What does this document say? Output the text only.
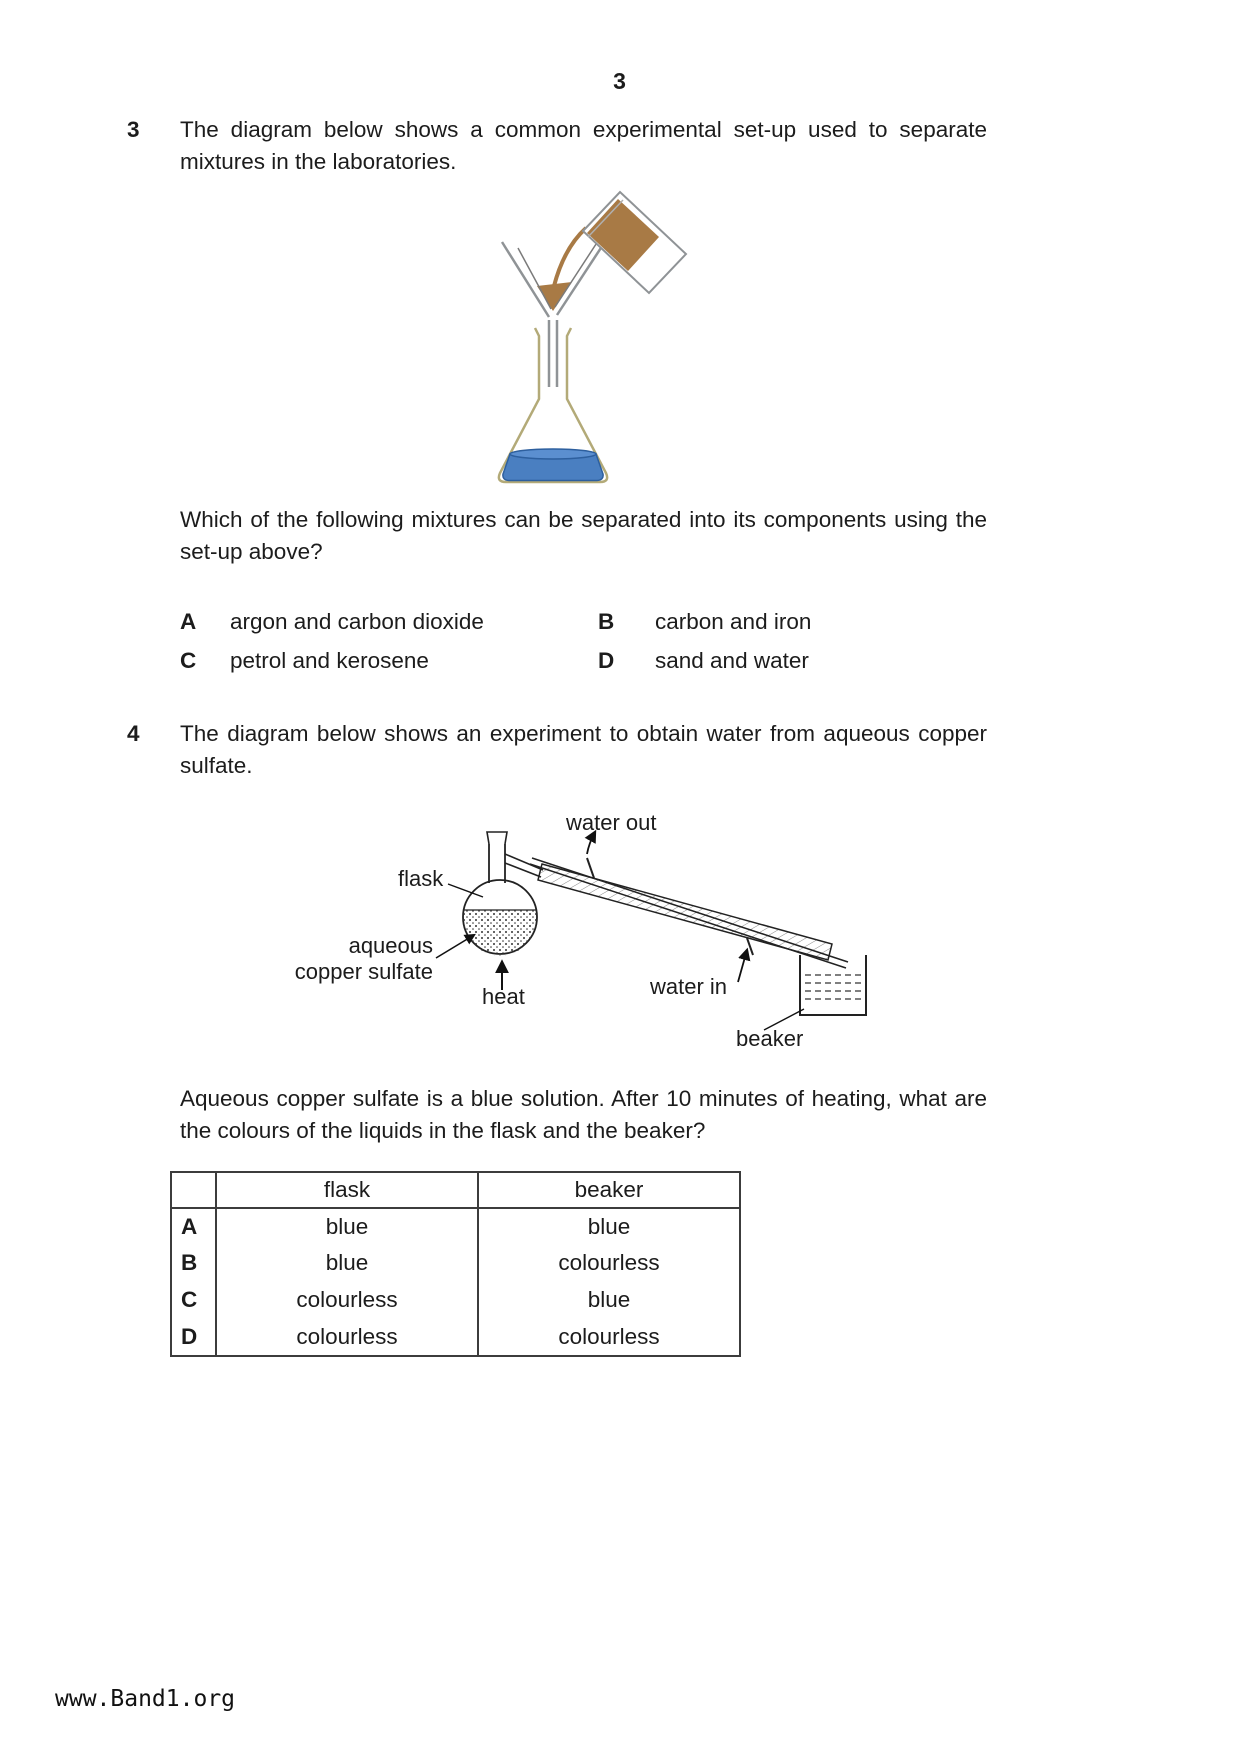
3
3	The diagram below shows a common experimental set-up used to separate mixtures in the laboratories.

Which of the following mixtures can be separated into its components using the set-up above?

A	argon and carbon dioxide	B	carbon and iron
C	petrol and kerosene	D	sand and water
4	The diagram below shows an experiment to obtain water from aqueous copper sulfate.

water out
flask
aqueous copper sulfate
heat	water in
beaker

Aqueous copper sulfate is a blue solution. After 10 minutes of heating, what are the colours of the liquids in the flask and the beaker?

	flask	beaker
A	blue	blue
B	blue	colourless
C	colourless	blue
D	colourless	colourless
www.Band1.org
